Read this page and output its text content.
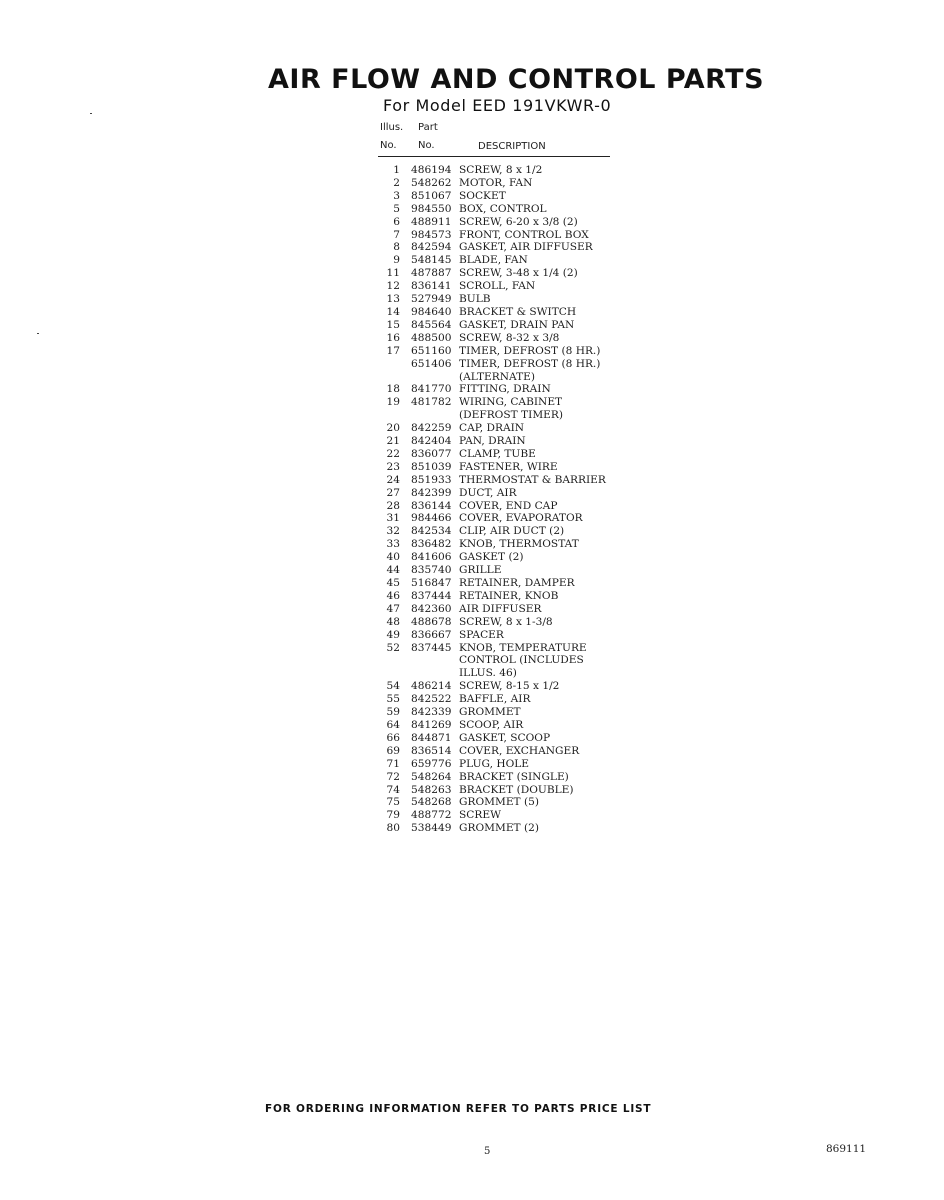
AIR FLOW AND CONTROL PARTS
For Model EED 191VKWR-0
Illus. Part
No. No.	DESCRIPTION
1	486194 SCREW, 8 x 1/2
2	548262 MOTOR, FAN
3	851067 SOCKET
5	984550 BOX, CONTROL
6	488911 SCREW, 6-20 x 3/8 (2)
7	984573 FRONT, CONTROL BOX
8	842594 GASKET, AIR DIFFUSER
9	548145 BLADE, FAN
11	487887 SCREW, 3-48 x 1/4 (2)
12	836141 SCROLL, FAN
13	527949 BULB
14	984640 BRACKET & SWITCH
15	845564 GASKET, DRAIN PAN
16	488500 SCREW, 8-32 x 3/8
17	651160 TIMER, DEFROST (8 HR.)
651406 TIMER, DEFROST (8 HR.)
(ALTERNATE)
18	841770 FITTING, DRAIN
19	481782 WIRING, CABINET
(DEFROST TIMER)
20	842259 CAP, DRAIN
21	842404 PAN, DRAIN
22	836077 CLAMP, TUBE
23	851039 FASTENER, WIRE
24	851933 THERMOSTAT & BARRIER
27	842399 DUCT, AIR
28	836144 COVER, END CAP
31	984466 COVER, EVAPORATOR
32	842534 CLIP, AIR DUCT (2)
33	836482 KNOB, THERMOSTAT
40	841606 GASKET (2)
44	835740 GRILLE
45	516847 RETAINER, DAMPER
46	837444 RETAINER, KNOB
47	842360 AIR DIFFUSER
48	488678 SCREW, 8 x 1-3/8
49	836667 SPACER
52	837445 KNOB, TEMPERATURE
CONTROL (INCLUDES
ILLUS. 46)
54	486214 SCREW, 8-15 x 1/2
55	842522 BAFFLE, AIR
59	842339 GROMMET
64	841269 SCOOP, AIR
66	844871 GASKET, SCOOP
69	836514 COVER, EXCHANGER
71	659776 PLUG, HOLE
72	548264 BRACKET (SINGLE)
74	548263 BRACKET (DOUBLE)
75	548268 GROMMET (5)
79	488772 SCREW
80	538449 GROMMET (2)
FOR ORDERING INFORMATION REFER TO PARTS PRICE LIST
5	869111
